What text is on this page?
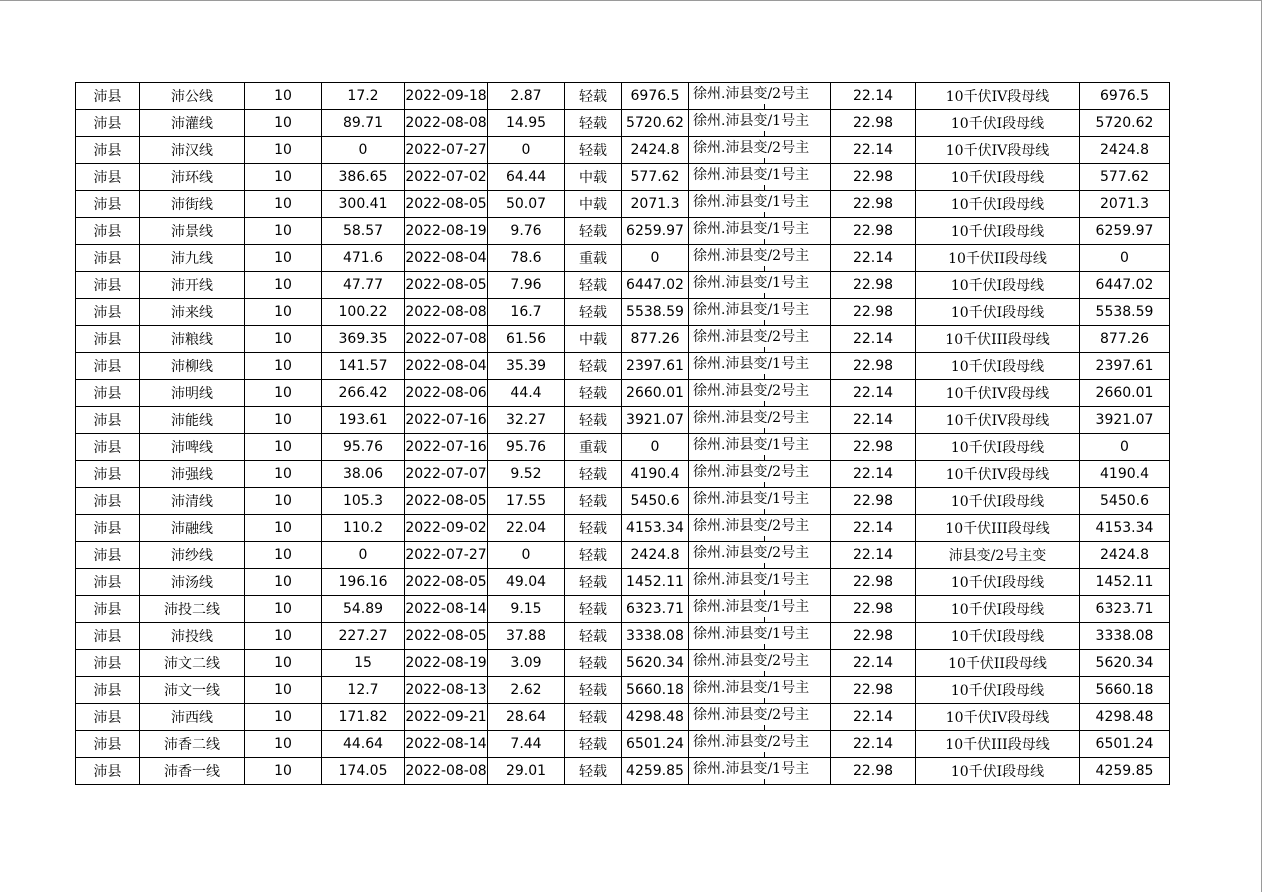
沛县	沛公线	10	17.2	2022-09-18	2.87	轻载	6976.5	徐州.沛县变/2号主	22.14	10千伏IV段母线	6976.5
沛县	沛灌线	10	89.71	2022-08-08	14.95	轻载	5720.62	徐州.沛县变/1号主	22.98	10千伏Ⅰ段母线	5720.62
沛县	沛汉线	10	0	2022-07-27	0	轻载	2424.8	徐州.沛县变/2号主	22.14	10千伏IV段母线	2424.8
沛县	沛环线	10	386.65	2022-07-02	64.44	中载	577.62	徐州.沛县变/1号主	22.98	10千伏Ⅰ段母线	577.62
沛县	沛街线	10	300.41	2022-08-05	50.07	中载	2071.3	徐州.沛县变/1号主	22.98	10千伏Ⅰ段母线	2071.3
沛县	沛景线	10	58.57	2022-08-19	9.76	轻载	6259.97	徐州.沛县变/1号主	22.98	10千伏Ⅰ段母线	6259.97
沛县	沛九线	10	471.6	2022-08-04	78.6	重载	0	徐州.沛县变/2号主	22.14	10千伏II段母线	0
沛县	沛开线	10	47.77	2022-08-05	7.96	轻载	6447.02	徐州.沛县变/1号主	22.98	10千伏Ⅰ段母线	6447.02
沛县	沛来线	10	100.22	2022-08-08	16.7	轻载	5538.59	徐州.沛县变/1号主	22.98	10千伏Ⅰ段母线	5538.59
沛县	沛粮线	10	369.35	2022-07-08	61.56	中载	877.26	徐州.沛县变/2号主	22.14	10千伏III段母线	877.26
沛县	沛柳线	10	141.57	2022-08-04	35.39	轻载	2397.61	徐州.沛县变/1号主	22.98	10千伏Ⅰ段母线	2397.61
沛县	沛明线	10	266.42	2022-08-06	44.4	轻载	2660.01	徐州.沛县变/2号主	22.14	10千伏IV段母线	2660.01
沛县	沛能线	10	193.61	2022-07-16	32.27	轻载	3921.07	徐州.沛县变/2号主	22.14	10千伏IV段母线	3921.07
沛县	沛啤线	10	95.76	2022-07-16	95.76	重载	0	徐州.沛县变/1号主	22.98	10千伏Ⅰ段母线	0
沛县	沛强线	10	38.06	2022-07-07	9.52	轻载	4190.4	徐州.沛县变/2号主	22.14	10千伏IV段母线	4190.4
沛县	沛清线	10	105.3	2022-08-05	17.55	轻载	5450.6	徐州.沛县变/1号主	22.98	10千伏Ⅰ段母线	5450.6
沛县	沛融线	10	110.2	2022-09-02	22.04	轻载	4153.34	徐州.沛县变/2号主	22.14	10千伏III段母线	4153.34
沛县	沛纱线	10	0	2022-07-27	0	轻载	2424.8	徐州.沛县变/2号主	22.14	沛县变/2号主变	2424.8
沛县	沛汤线	10	196.16	2022-08-05	49.04	轻载	1452.11	徐州.沛县变/1号主	22.98	10千伏Ⅰ段母线	1452.11
沛县	沛投二线	10	54.89	2022-08-14	9.15	轻载	6323.71	徐州.沛县变/1号主	22.98	10千伏Ⅰ段母线	6323.71
沛县	沛投线	10	227.27	2022-08-05	37.88	轻载	3338.08	徐州.沛县变/1号主	22.98	10千伏Ⅰ段母线	3338.08
沛县	沛文二线	10	15	2022-08-19	3.09	轻载	5620.34	徐州.沛县变/2号主	22.14	10千伏II段母线	5620.34
沛县	沛文一线	10	12.7	2022-08-13	2.62	轻载	5660.18	徐州.沛县变/1号主	22.98	10千伏Ⅰ段母线	5660.18
沛县	沛西线	10	171.82	2022-09-21	28.64	轻载	4298.48	徐州.沛县变/2号主	22.14	10千伏IV段母线	4298.48
沛县	沛香二线	10	44.64	2022-08-14	7.44	轻载	6501.24	徐州.沛县变/2号主	22.14	10千伏III段母线	6501.24
沛县	沛香一线	10	174.05	2022-08-08	29.01	轻载	4259.85	徐州.沛县变/1号主	22.98	10千伏Ⅰ段母线	4259.85
